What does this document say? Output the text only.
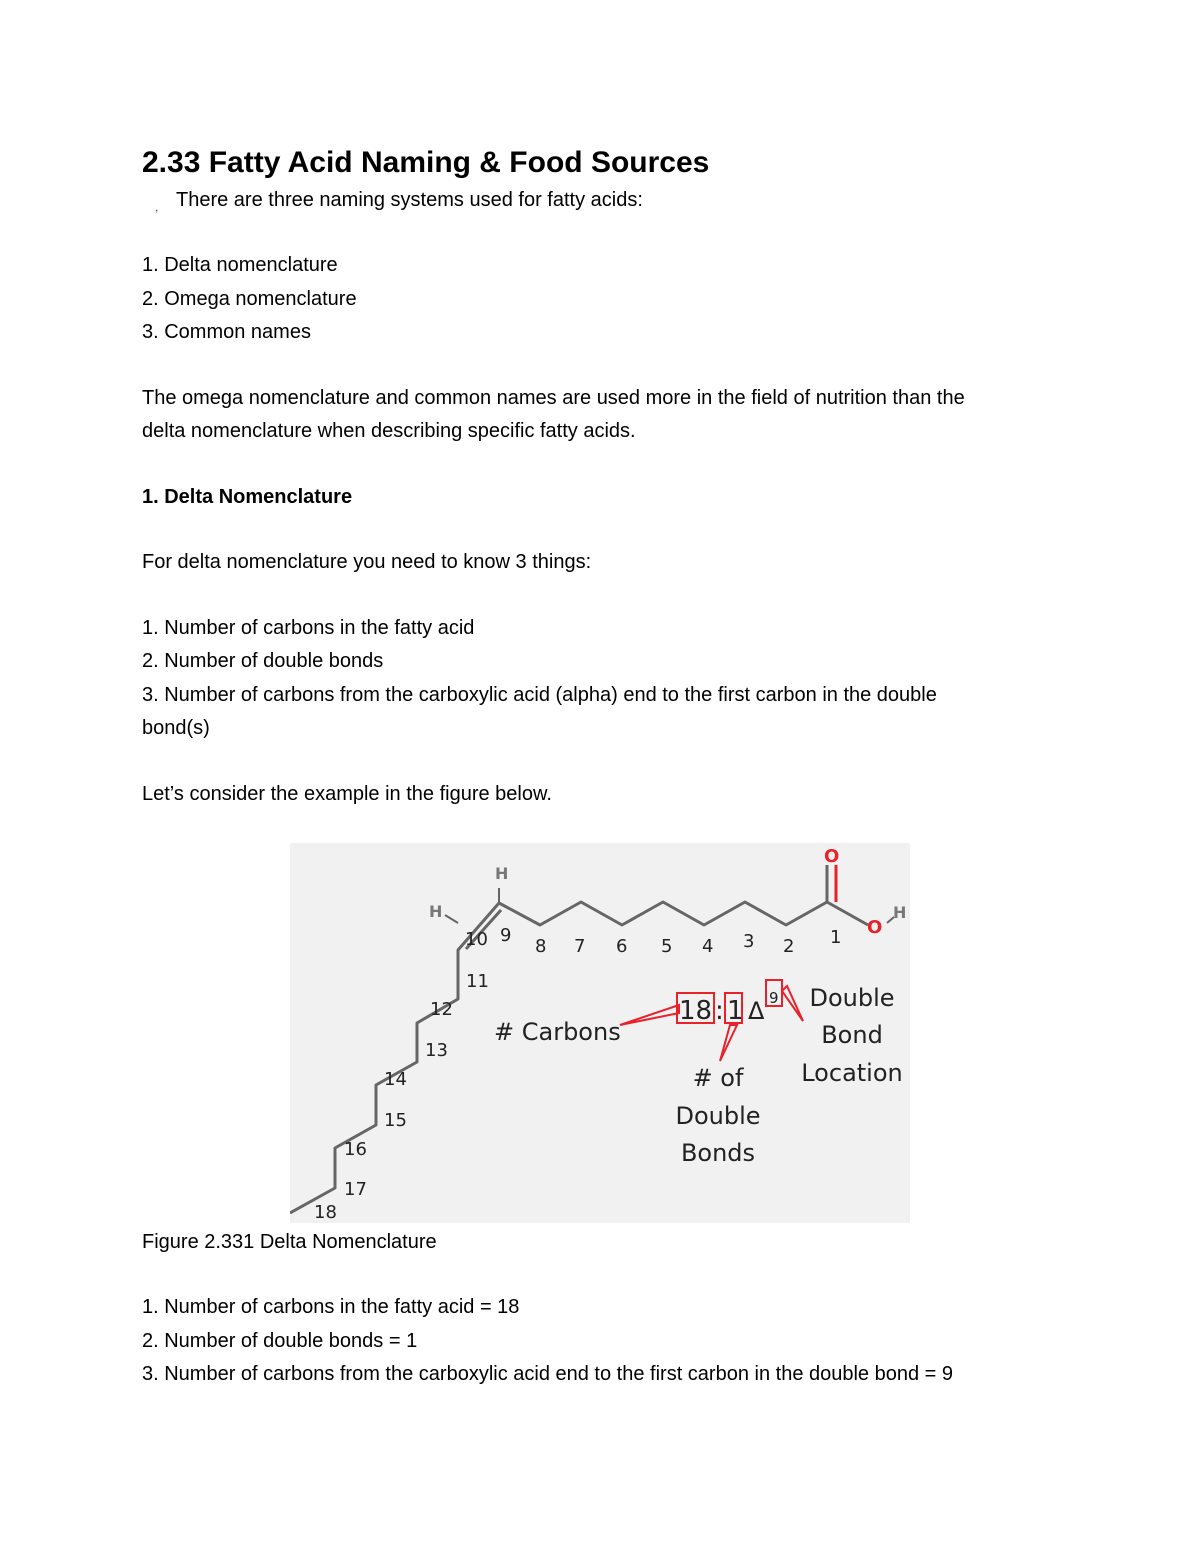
2.33 Fatty Acid Naming & Food Sources
, There are three naming systems used for fatty acids:
1. Delta nomenclature
2. Omega nomenclature
3. Common names
The omega nomenclature and common names are used more in the field of nutrition than the
delta nomenclature when describing specific fatty acids.
1. Delta Nomenclature
For delta nomenclature you need to know 3 things:
1. Number of carbons in the fatty acid
2. Number of double bonds
3. Number of carbons from the carboxylic acid (alpha) end to the first carbon in the double
bond(s)
Let’s consider the example in the figure below.
O
O
H
H
H
1
2
3
4
5
6
7
8
9
10
11
12
13
14
15
16
17
18
18 : 1 Δ 9
# Carbons
# of
Double
Bonds
Double
Bond
Location
Figure 2.331 Delta Nomenclature
1. Number of carbons in the fatty acid = 18
2. Number of double bonds = 1
3. Number of carbons from the carboxylic acid end to the first carbon in the double bond = 9
